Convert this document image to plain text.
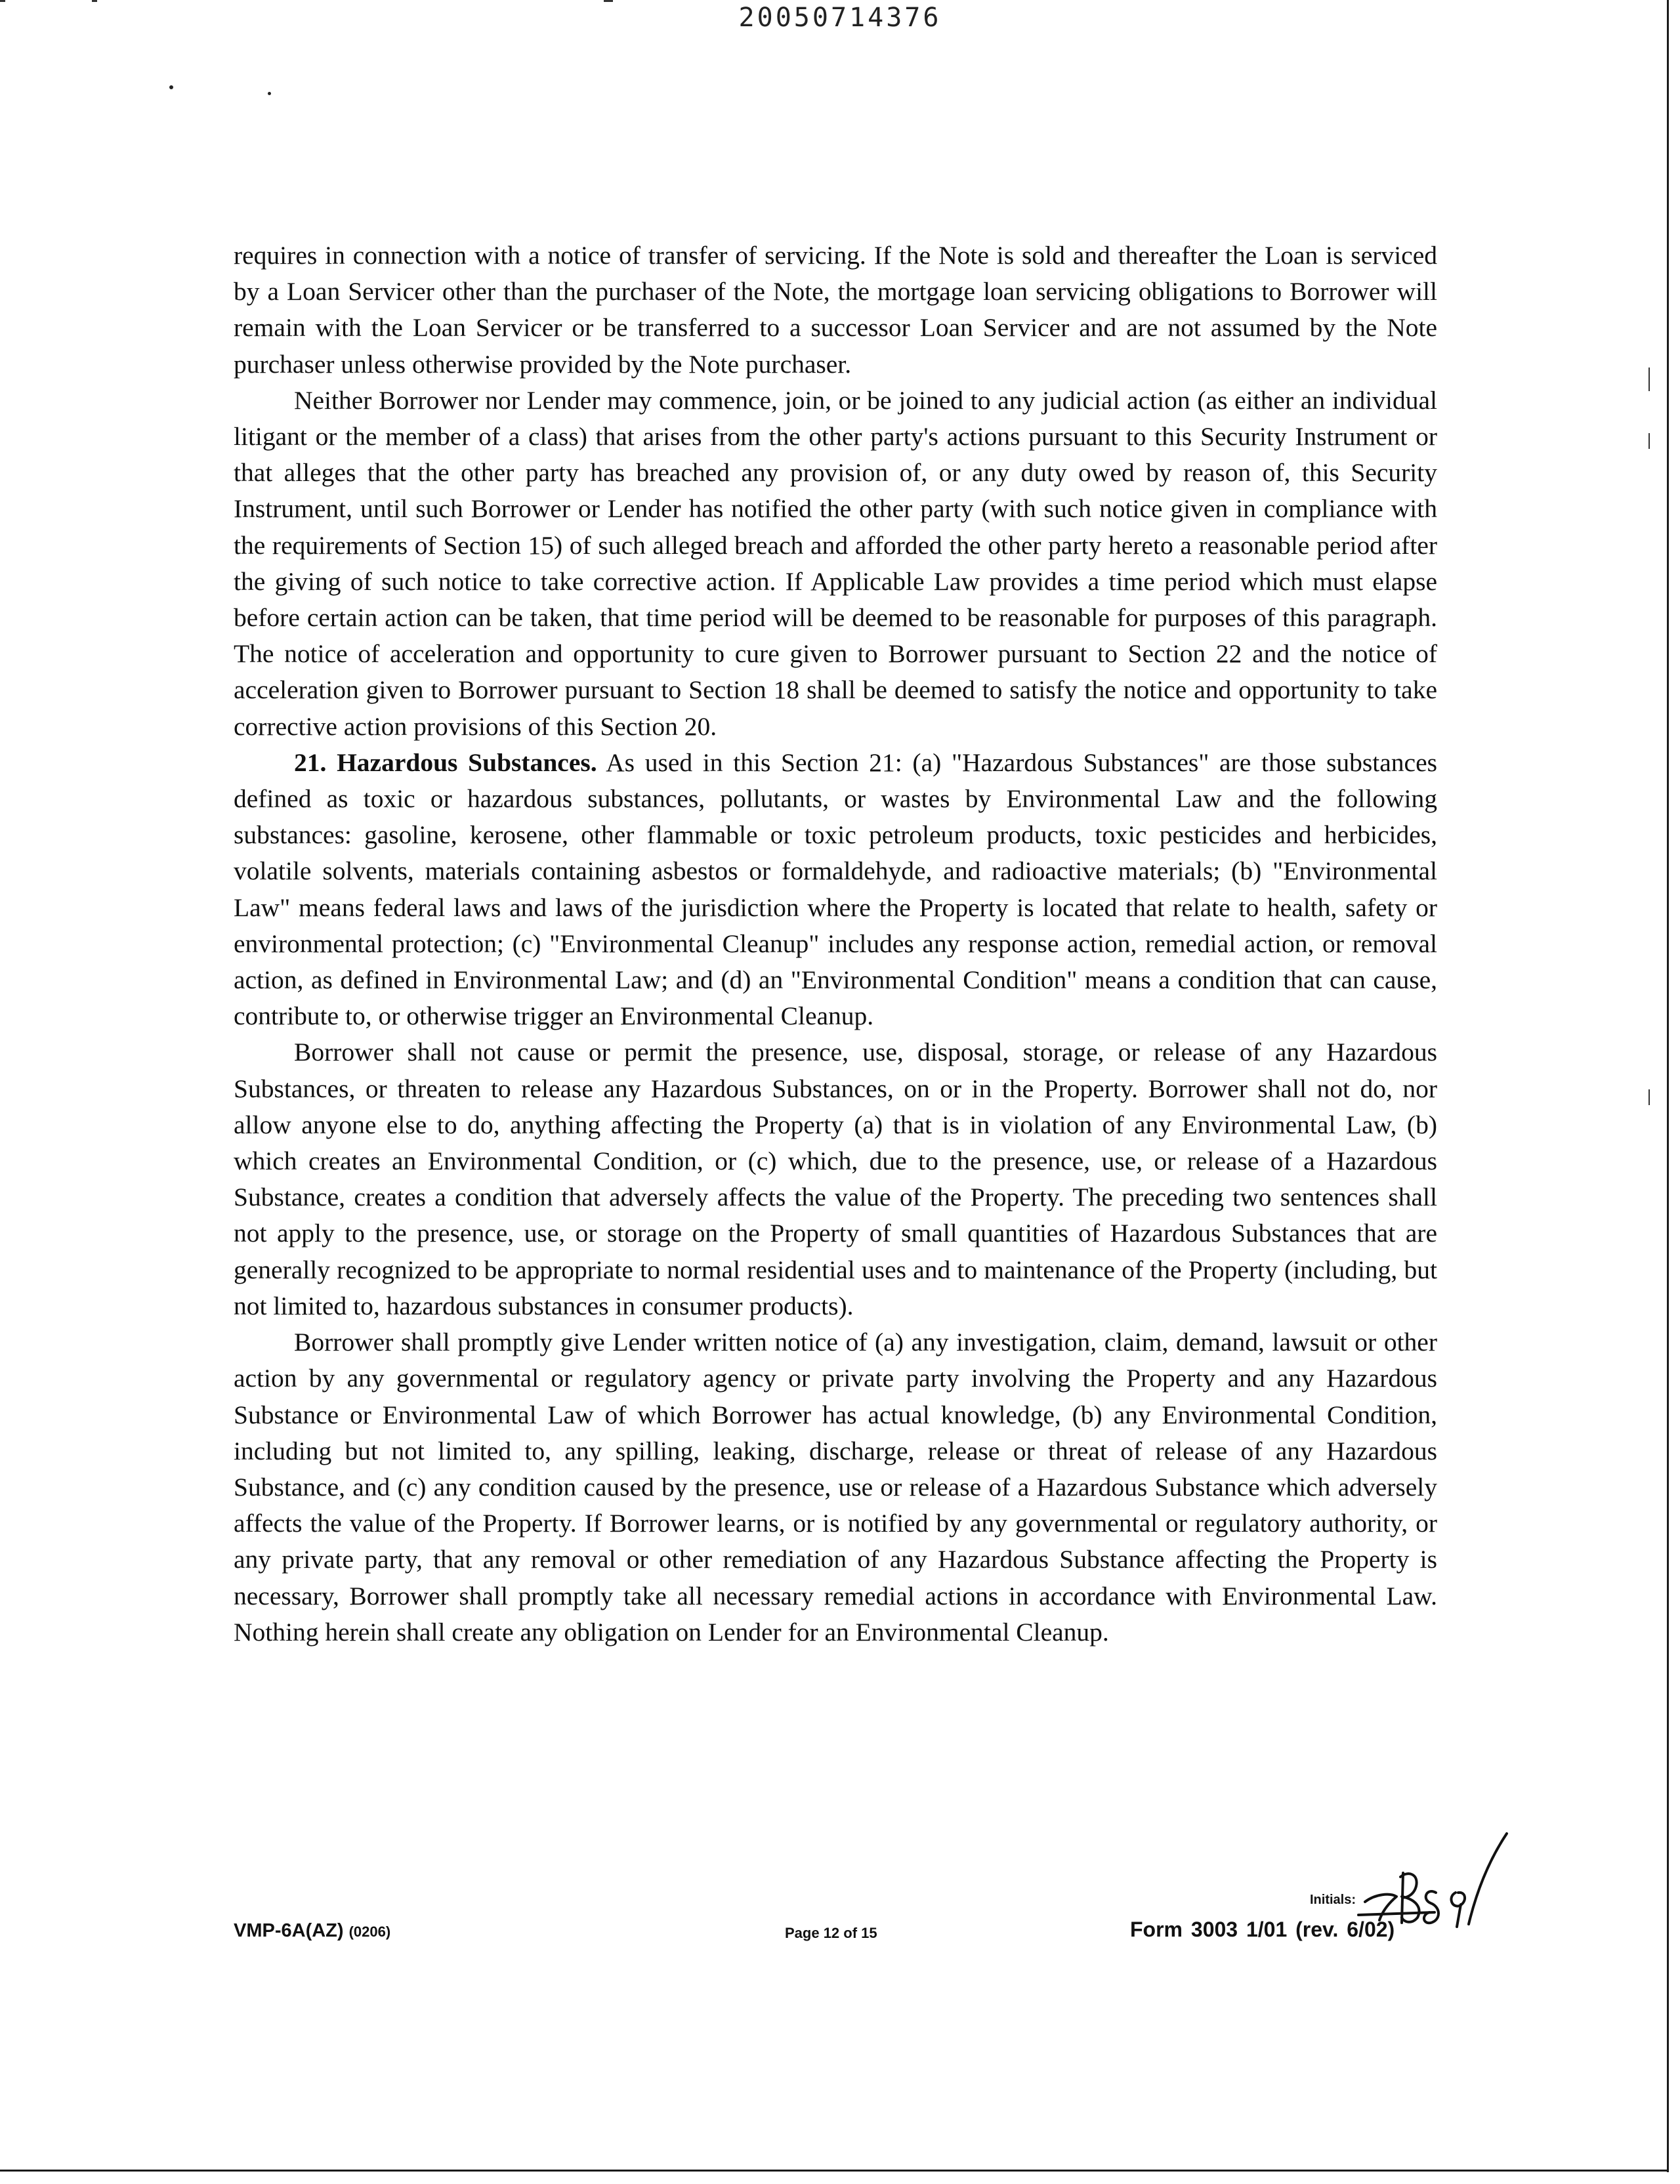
20050714376

requires in connection with a notice of transfer of servicing. If the Note is sold and thereafter the Loan is serviced by a Loan Servicer other than the purchaser of the Note, the mortgage loan servicing obligations to Borrower will remain with the Loan Servicer or be transferred to a successor Loan Servicer and are not assumed by the Note purchaser unless otherwise provided by the Note purchaser.

Neither Borrower nor Lender may commence, join, or be joined to any judicial action (as either an individual litigant or the member of a class) that arises from the other party's actions pursuant to this Security Instrument or that alleges that the other party has breached any provision of, or any duty owed by reason of, this Security Instrument, until such Borrower or Lender has notified the other party (with such notice given in compliance with the requirements of Section 15) of such alleged breach and afforded the other party hereto a reasonable period after the giving of such notice to take corrective action. If Applicable Law provides a time period which must elapse before certain action can be taken, that time period will be deemed to be reasonable for purposes of this paragraph. The notice of acceleration and opportunity to cure given to Borrower pursuant to Section 22 and the notice of acceleration given to Borrower pursuant to Section 18 shall be deemed to satisfy the notice and opportunity to take corrective action provisions of this Section 20.

21. Hazardous Substances. As used in this Section 21: (a) "Hazardous Substances" are those substances defined as toxic or hazardous substances, pollutants, or wastes by Environmental Law and the following substances: gasoline, kerosene, other flammable or toxic petroleum products, toxic pesticides and herbicides, volatile solvents, materials containing asbestos or formaldehyde, and radioactive materials; (b) "Environmental Law" means federal laws and laws of the jurisdiction where the Property is located that relate to health, safety or environmental protection; (c) "Environmental Cleanup" includes any response action, remedial action, or removal action, as defined in Environmental Law; and (d) an "Environmental Condition" means a condition that can cause, contribute to, or otherwise trigger an Environmental Cleanup.

Borrower shall not cause or permit the presence, use, disposal, storage, or release of any Hazardous Substances, or threaten to release any Hazardous Substances, on or in the Property. Borrower shall not do, nor allow anyone else to do, anything affecting the Property (a) that is in violation of any Environmental Law, (b) which creates an Environmental Condition, or (c) which, due to the presence, use, or release of a Hazardous Substance, creates a condition that adversely affects the value of the Property. The preceding two sentences shall not apply to the presence, use, or storage on the Property of small quantities of Hazardous Substances that are generally recognized to be appropriate to normal residential uses and to maintenance of the Property (including, but not limited to, hazardous substances in consumer products).

Borrower shall promptly give Lender written notice of (a) any investigation, claim, demand, lawsuit or other action by any governmental or regulatory agency or private party involving the Property and any Hazardous Substance or Environmental Law of which Borrower has actual knowledge, (b) any Environmental Condition, including but not limited to, any spilling, leaking, discharge, release or threat of release of any Hazardous Substance, and (c) any condition caused by the presence, use or release of a Hazardous Substance which adversely affects the value of the Property. If Borrower learns, or is notified by any governmental or regulatory authority, or any private party, that any removal or other remediation of any Hazardous Substance affecting the Property is necessary, Borrower shall promptly take all necessary remedial actions in accordance with Environmental Law. Nothing herein shall create any obligation on Lender for an Environmental Cleanup.

VMP-6A(AZ) (0206)	Page 12 of 15	Form 3003 1/01 (rev. 6/02)
Initials:
